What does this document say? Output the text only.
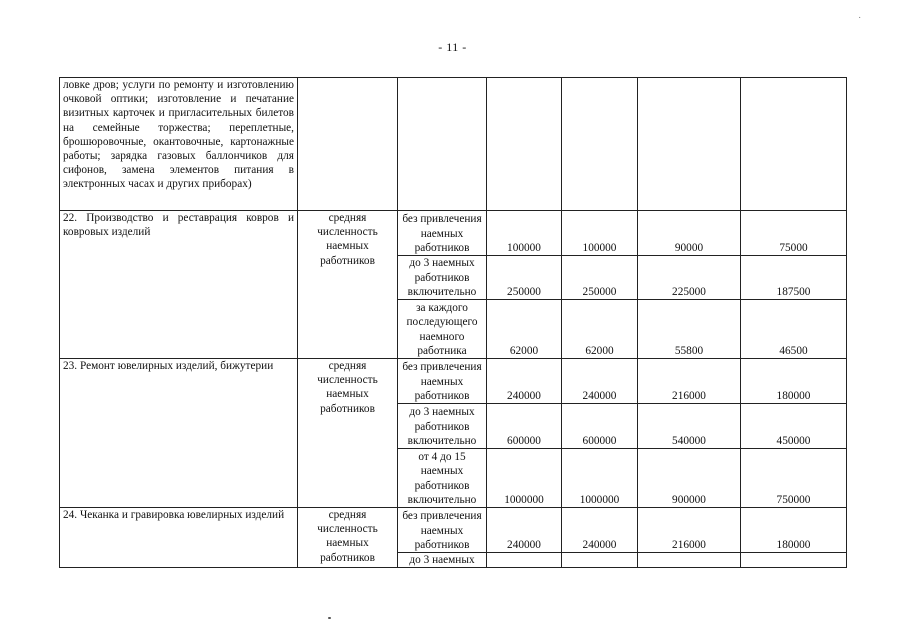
- 11 -
˙
ловке дров; услуги по ремонту и изготовлению очковой оптики; изготовление и печатание визитных карточек и пригласительных билетов на семейные торжества; переплетные, брошюровочные, окантовочные, картонажные работы; зарядка газовых баллончиков для сифонов, замена элементов питания в электронных часах и других приборах)						
22. Производство и реставрация ковров и ковровых изделий	средняя численность наемных работников	без привлечения наемных работников	100000	100000	90000	75000
		до 3 наемных работников включительно	250000	250000	225000	187500
		за каждого последующего наемного работника	62000	62000	55800	46500
23. Ремонт ювелирных изделий, бижутерии	средняя численность наемных работников	без привлечения наемных работников	240000	240000	216000	180000
		до 3 наемных работников включительно	600000	600000	540000	450000
		от 4 до 15 наемных работников включительно	1000000	1000000	900000	750000
24. Чеканка и гравировка ювелирных изделий	средняя численность наемных работников	без привлечения наемных работников	240000	240000	216000	180000
		до 3 наемных				
